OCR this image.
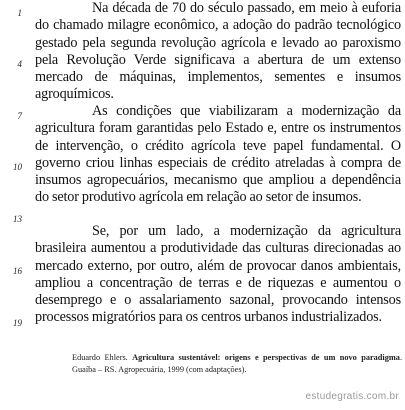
1
4
7
10
13
16
19

Na década de 70 do século passado, em meio à euforia do chamado milagre econômico, a adoção do padrão tecnológico gestado pela segunda revolução agrícola e levado ao paroxismo pela Revolução Verde significava a abertura de um extenso mercado de máquinas, implementos, sementes e insumos agroquímicos.

As condições que viabilizaram a modernização da agricultura foram garantidas pelo Estado e, entre os instrumentos de intervenção, o crédito agrícola teve papel fundamental. O governo criou linhas especiais de crédito atreladas à compra de insumos agropecuários, mecanismo que ampliou a dependência do setor produtivo agrícola em relação ao setor de insumos.

Se, por um lado, a modernização da agricultura brasileira aumentou a produtividade das culturas direcionadas ao mercado externo, por outro, além de provocar danos ambientais, ampliou a concentração de terras e de riquezas e aumentou o desemprego e o assalariamento sazonal, provocando intensos processos migratórios para os centros urbanos industrializados.

Eduardo Ehlers. Agricultura sustentável: origens e perspectivas de um novo paradigma. Guaíba – RS. Agropecuária, 1999 (com adaptações).
estudegratis.com.br
